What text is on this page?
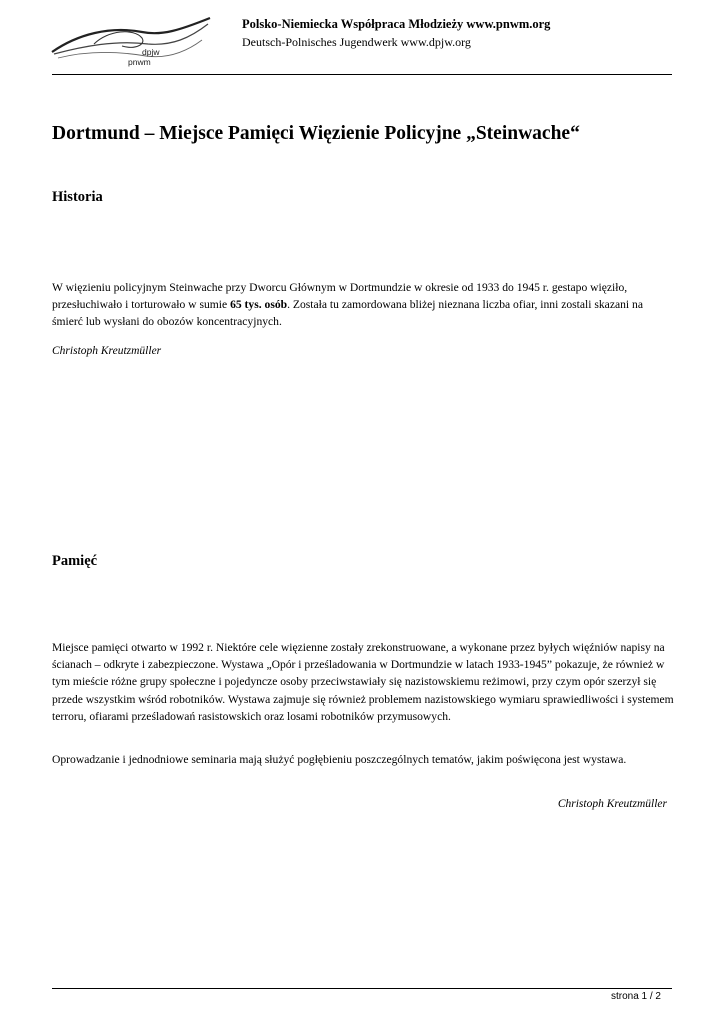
dpjw
pnwm
Polsko-Niemiecka Współpraca Młodzieży www.pnwm.org
Deutsch-Polnisches Jugendwerk www.dpjw.org
Dortmund – Miejsce Pamięci Więzienie Policyjne „Steinwache“
Historia

W więzieniu policyjnym Steinwache przy Dworcu Głównym w Dortmundzie w okresie od 1933 do 1945 r. gestapo więziło, przesłuchiwało i torturowało w sumie 65 tys. osób. Została tu zamordowana bliżej nieznana liczba ofiar, inni zostali skazani na śmierć lub wysłani do obozów koncentracyjnych.

Christoph Kreutzmüller

Pamięć

Miejsce pamięci otwarto w 1992 r. Niektóre cele więzienne zostały zrekonstruowane, a wykonane przez byłych więźniów napisy na ścianach – odkryte i zabezpieczone. Wystawa „Opór i prześladowania w Dortmundzie w latach 1933-1945” pokazuje, że również w tym mieście różne grupy społeczne i pojedyncze osoby przeciwstawiały się nazistowskiemu reżimowi, przy czym opór szerzył się przede wszystkim wśród robotników. Wystawa zajmuje się również problemem nazistowskiego wymiaru sprawiedliwości i systemem terroru, ofiarami prześladowań rasistowskich oraz losami robotników przymusowych.

Oprowadzanie i jednodniowe seminaria mają służyć pogłębieniu poszczególnych tematów, jakim poświęcona jest wystawa.

Christoph Kreutzmüller

strona 1 / 2
